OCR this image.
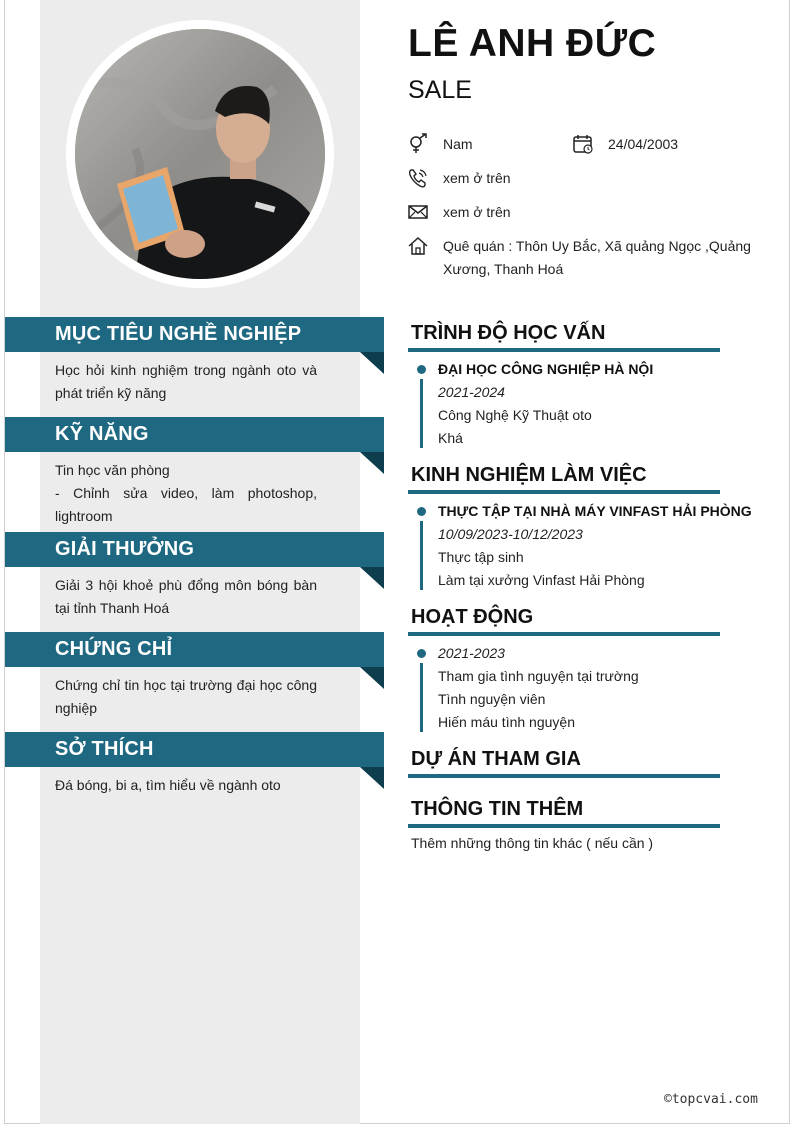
LÊ ANH ĐỨC
SALE
Nam	24/04/2003
xem ở trên
xem ở trên
Quê quán : Thôn Uy Bắc, Xã quảng Ngọc ,Quảng Xương, Thanh Hoá
MỤC TIÊU NGHỀ NGHIỆP
Học hỏi kinh nghiệm trong ngành oto và phát triển kỹ năng
KỸ NĂNG
Tin học văn phòng
- Chỉnh sửa video, làm photoshop, lightroom
GIẢI THƯỞNG
Giải 3 hội khoẻ phù đổng môn bóng bàn tại tỉnh Thanh Hoá
CHỨNG CHỈ
Chứng chỉ tin học tại trường đại học công nghiệp
SỞ THÍCH
Đá bóng, bi a, tìm hiểu về ngành oto
TRÌNH ĐỘ HỌC VẤN
ĐẠI HỌC CÔNG NGHIỆP HÀ NỘI
2021-2024
Công Nghệ Kỹ Thuật oto
Khá
KINH NGHIỆM LÀM VIỆC
THỰC TẬP TẠI NHÀ MÁY VINFAST HẢI PHÒNG
10/09/2023-10/12/2023
Thực tập sinh
Làm tại xưởng Vinfast Hải Phòng
HOẠT ĐỘNG
2021-2023
Tham gia tình nguyện tại trường
Tình nguyện viên
Hiến máu tình nguyện
DỰ ÁN THAM GIA
THÔNG TIN THÊM
Thêm những thông tin khác ( nếu cần )
©topcvai.com
